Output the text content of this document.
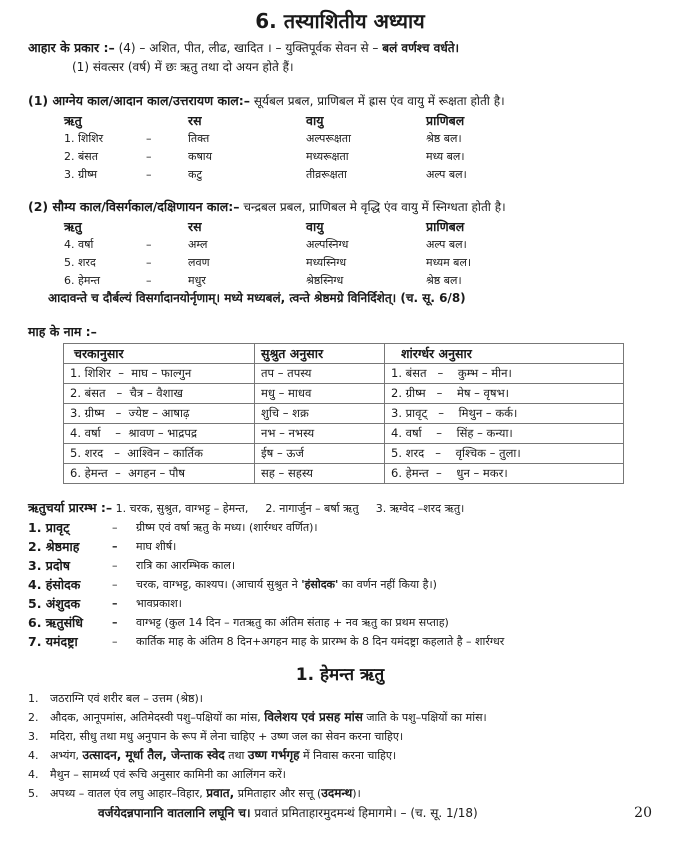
6. तस्याशितीय अध्याय
आहार के प्रकार :– (4) – अशित, पीत, लीढ, खादित । – युक्तिपूर्वक सेवन से – बलं वर्णश्च वर्धते।
(1) संवत्सर (वर्ष) में छः ऋतु तथा दो अयन होते हैं।
(1) आग्नेय काल/आदान काल/उत्तरायण काल:– सूर्यबल प्रबल, प्राणिबल में ह्रास एंव वायु में रूक्षता होती है।
ऋतु		रस	वायु	प्राणिबल
1. शिशिर	–	तिक्त	अल्परूक्षता	श्रेष्ठ बल।
2. बंसत	–	कषाय	मध्यरूक्षता	मध्य बल।
3. ग्रीष्म	–	कटु	तीव्ररूक्षता	अल्प बल।
(2) सौम्य काल/विसर्गकाल/दक्षिणायन काल:– चन्द्रबल प्रबल, प्राणिबल मे वृद्धि एंव वायु में स्निग्धता होती है।
ऋतु		रस	वायु	प्राणिबल
4. वर्षा	–	अम्ल	अल्पस्निग्ध	अल्प बल।
5. शरद	–	लवण	मध्यस्निग्ध	मध्यम बल।
6. हेमन्त	–	मधुर	श्रेष्ठस्निग्ध	श्रेष्ठ बल।
आदावन्ते च दौर्बल्यं विसर्गादानयोर्नृणाम्। मध्ये मध्यबलं, त्वन्ते श्रेष्ठमग्रे विनिर्दिशेत्। (च. सू. 6/8)
माह के नाम :–
चरकानुसार	सुश्रुत अनुसार	शांरर्ग्धर अनुसार
1. शिशिर  –  माघ – फाल्गुन	तप – तपस्य	1. बंसत   –    कुम्भ – मीन।
2. बंसत   –  चैत्र – वैशाख	मधु – माधव	2. ग्रीष्म   –    मेष – वृषभ।
3. ग्रीष्म   –  ज्येष्ट – आषाढ़	शुचि – शक्र	3. प्रावृट्   –    मिथुन – कर्क।
4. वर्षा    –  श्रावण – भाद्रपद्र	नभ – नभस्य	4. वर्षा    –    सिंह – कन्या।
5. शरद   –  आश्विन – कार्तिक	ईष – ऊर्ज	5. शरद   –    वृश्चिक – तुला।
6. हेमन्त  –  अगहन – पौष	सह – सहस्य	6. हेमन्त  –    धुन – मकर।
ऋतुचर्या प्रारम्भ :– 1. चरक, सुश्रुत, वाग्भट्ट – हेमन्त, 2. नागार्जुन – बर्षा ऋतु 3. ऋग्वेद –शरद ऋतु।
1. प्रावृट्	–	ग्रीष्म एवं वर्षा ऋतु के मध्य। (शार्रग्धर वर्णित)।
2. श्रेष्ठमाह	–	माघ शीर्ष।
3. प्रदोष	–	रात्रि का आरम्भिक काल।
4. हंसोदक	–	चरक, वाग्भट्ट, काश्यप। (आचार्य सुश्रुत ने 'हंसोदक' का वर्णन नहीं किया है।)
5. अंशुदक	–	भावप्रकाश।
6. ऋतुसंधि	–	वाग्भट्ट (कुल 14 दिन – गतऋतु का अंतिम संताह + नव ऋतु का प्रथम सप्ताह)
7. यमंदष्ट्रा	–	कार्तिक माह के अंतिम 8 दिन+अगहन माह के प्रारम्भ के 8 दिन यमंदष्ट्रा कहलाते है – शार्रग्धर
1. हेमन्त ऋतु
1.	जठराग्नि एवं शरीर बल – उत्तम (श्रेष्ठ)।
2.	औदक, आनूपमांस, अतिमेदस्वी पशु–पक्षियों का मांस, विलेशय एवं प्रसह मांस जाति के पशु–पक्षियों का मांस।
3.	मदिरा, सीधु तथा मधु अनुपान के रूप में लेना चाहिए + उष्ण जल का सेवन करना चाहिए।
4.	अभ्यंग, उत्सादन, मूर्धा तैल, जेन्ताक स्वेद तथा उष्ण गर्भगृह में निवास करना चाहिए।
4.	मैथुन – सामर्थ्य एवं रूचि अनुसार कामिनी का आलिंगन करें।
5.	अपथ्य – वातल एंव लघु आहार–विहार, प्रवात, प्रमिताहार और सत्तू (उदमन्थ)।
वर्जयेदन्नपानानि वातलानि लघूनि च। प्रवातं प्रमिताहारमुदमन्थं हिमागमे। – (च. सू. 1/18)	20
